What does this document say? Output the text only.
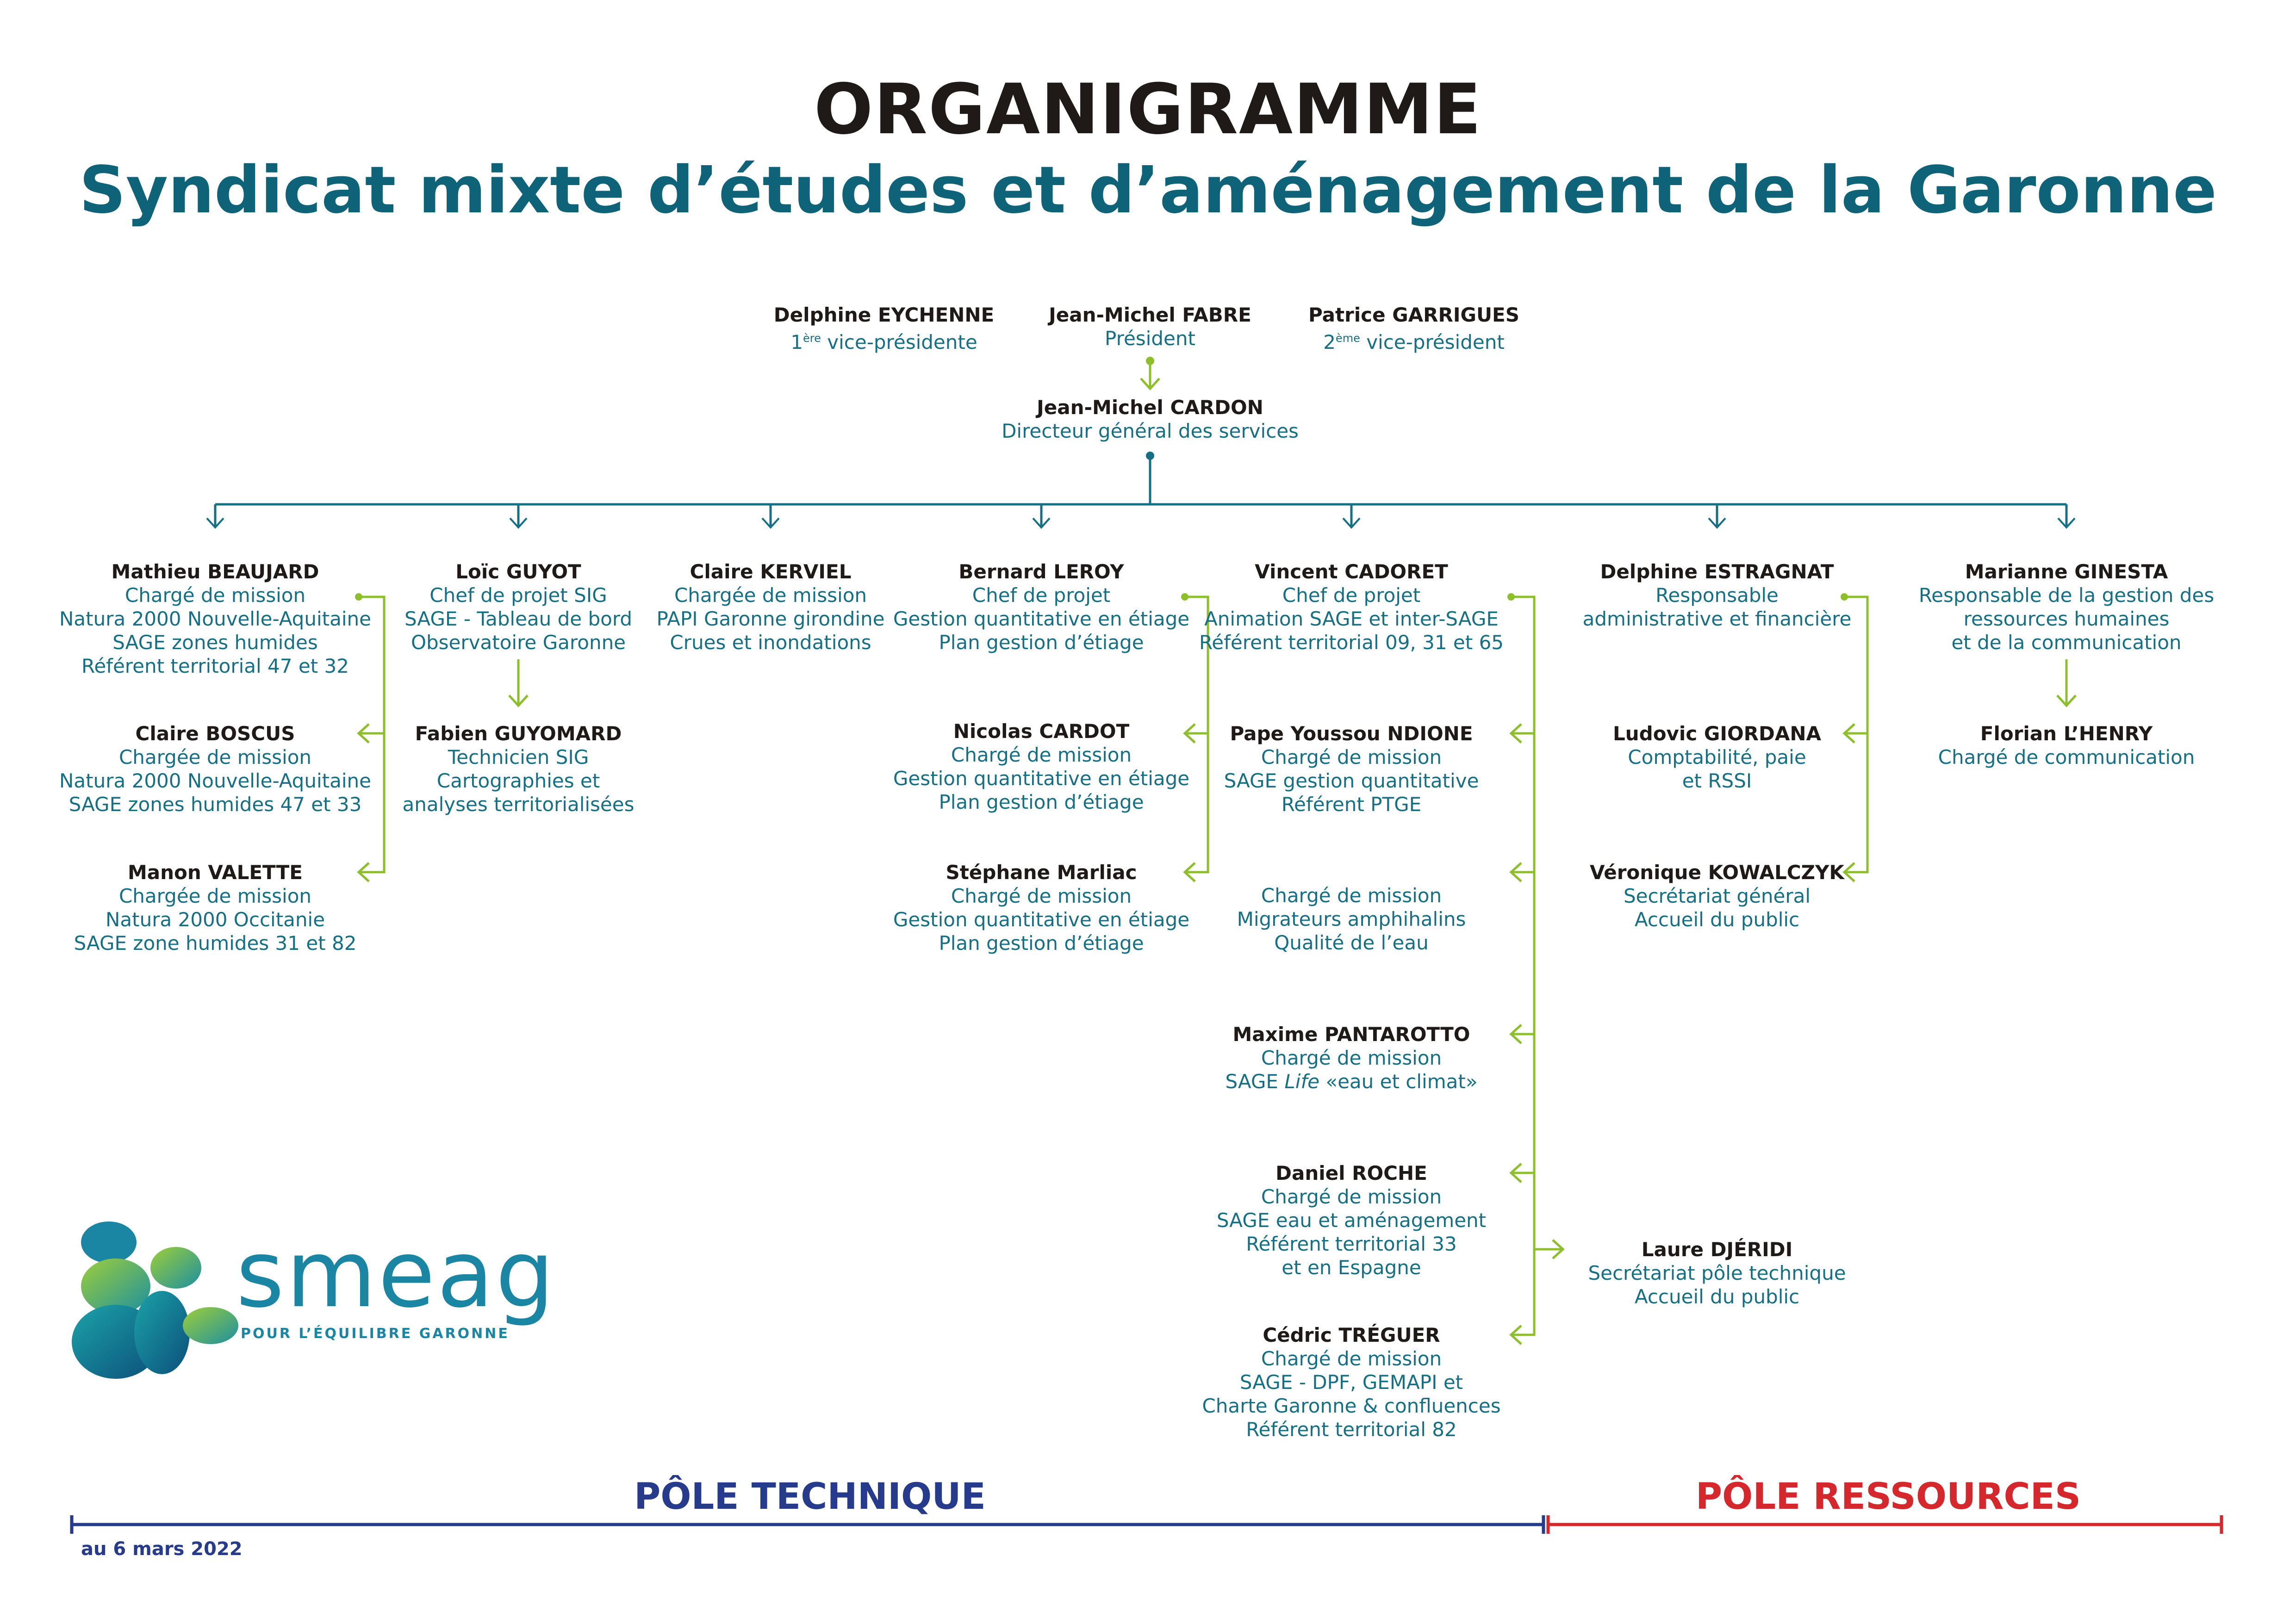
ORGANIGRAMME
Syndicat mixte d’études et d’aménagement de la Garonne
Delphine EYCHENNE
1ère vice-présidente
Jean-Michel FABRE
Président
Patrice GARRIGUES
2ème vice-président
Jean-Michel CARDON
Directeur général des services
Mathieu BEAUJARD
Chargé de mission
Natura 2000 Nouvelle-Aquitaine
SAGE zones humides
Référent territorial 47 et 32
Claire BOSCUS
Chargée de mission
Natura 2000 Nouvelle-Aquitaine
SAGE zones humides 47 et 33
Manon VALETTE
Chargée de mission
Natura 2000 Occitanie
SAGE zone humides 31 et 82
Loïc GUYOT
Chef de projet SIG
SAGE - Tableau de bord
Observatoire Garonne
Fabien GUYOMARD
Technicien SIG
Cartographies et
analyses territorialisées
Claire KERVIEL
Chargée de mission
PAPI Garonne girondine
Crues et inondations
Bernard LEROY
Chef de projet
Gestion quantitative en étiage
Plan gestion d’étiage
Nicolas CARDOT
Chargé de mission
Gestion quantitative en étiage
Plan gestion d’étiage
Stéphane Marliac
Chargé de mission
Gestion quantitative en étiage
Plan gestion d’étiage
Vincent CADORET
Chef de projet
Animation SAGE et inter-SAGE
Référent territorial 09, 31 et 65
Pape Youssou NDIONE
Chargé de mission
SAGE gestion quantitative
Référent PTGE
Chargé de mission
Migrateurs amphihalins
Qualité de l’eau
Maxime PANTAROTTO
Chargé de mission
SAGE Life «eau et climat»
Daniel ROCHE
Chargé de mission
SAGE eau et aménagement
Référent territorial 33
et en Espagne
Cédric TRÉGUER
Chargé de mission
SAGE - DPF, GEMAPI et
Charte Garonne & confluences
Référent territorial 82
Delphine ESTRAGNAT
Responsable
administrative et financière
Ludovic GIORDANA
Comptabilité, paie
et RSSI
Véronique KOWALCZYK
Secrétariat général
Accueil du public
Laure DJÉRIDI
Secrétariat pôle technique
Accueil du public
Marianne GINESTA
Responsable de la gestion des
ressources humaines
et de la communication
Florian L’HENRY
Chargé de communication
PÔLE TECHNIQUE	PÔLE RESSOURCES
au 6 mars 2022
smeag
POUR L’ÉQUILIBRE GARONNE
